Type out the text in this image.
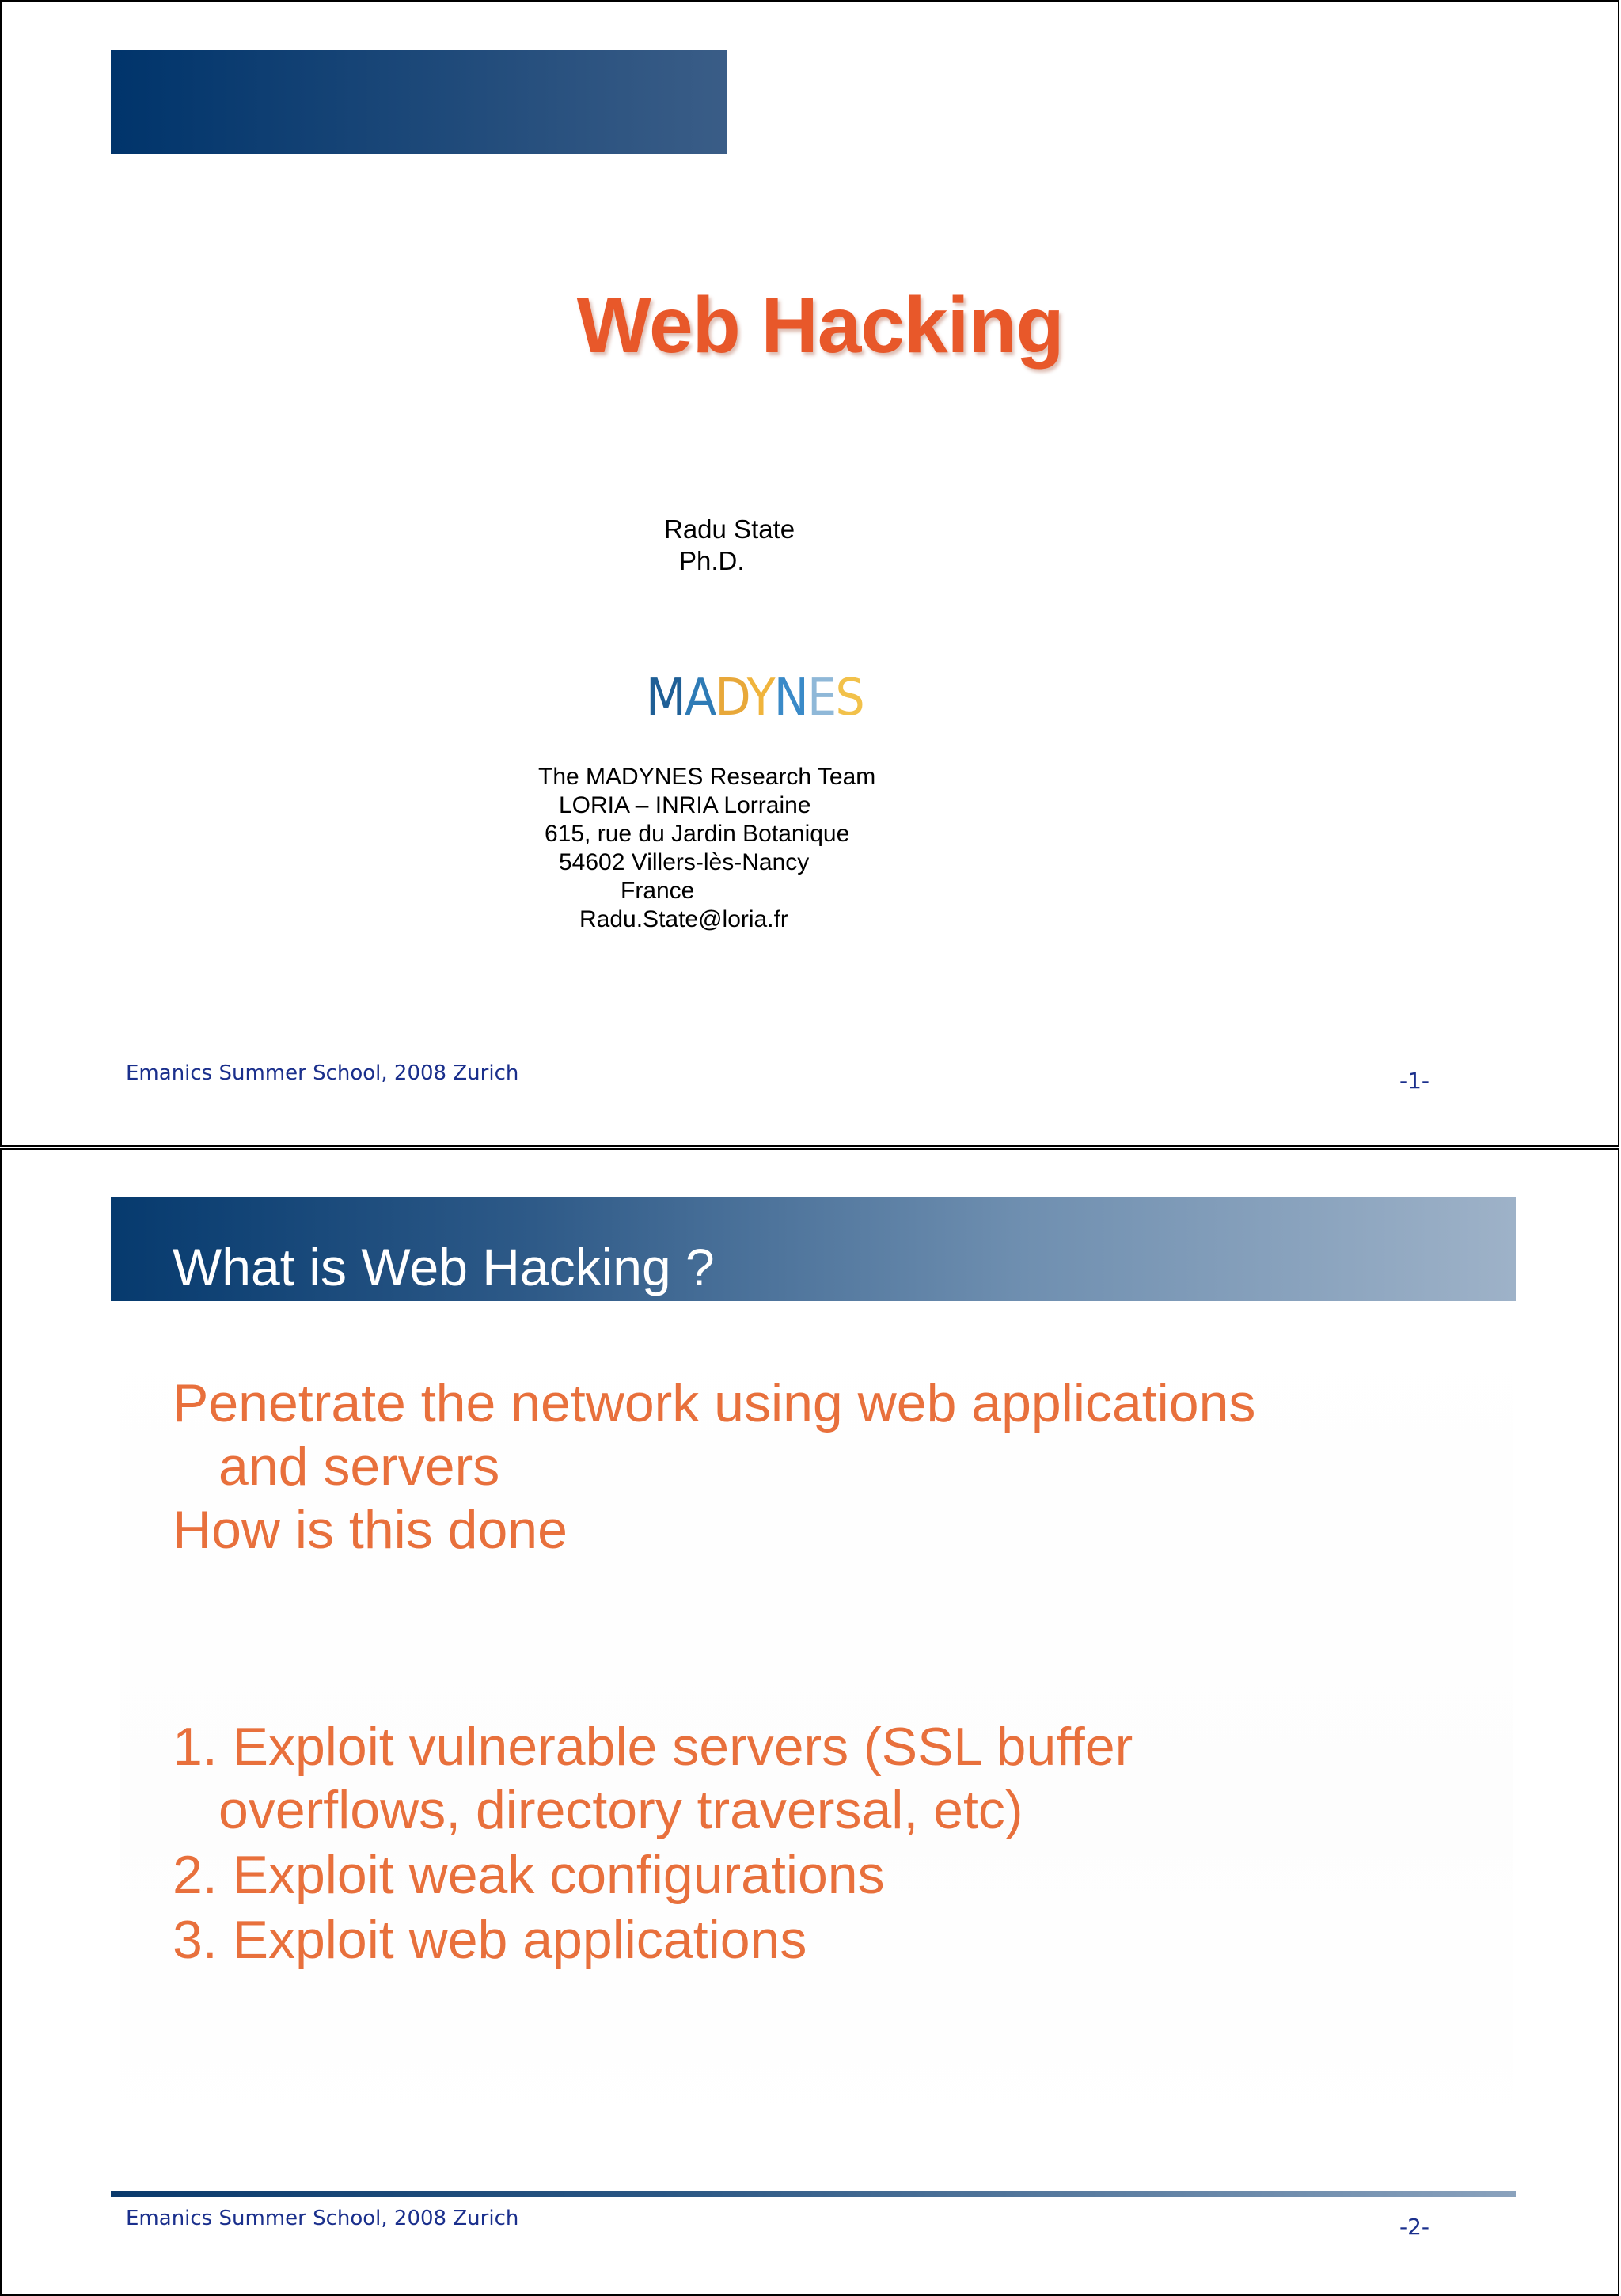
Web Hacking
Radu State
Ph.D.
MADYNES
The MADYNES Research Team
LORIA – INRIA Lorraine
615, rue du Jardin Botanique
54602 Villers-lès-Nancy
France
Radu.State@loria.fr
Emanics Summer School, 2008 Zurich	-1-
What is Web Hacking ?
Penetrate the network using web applications
and servers
How is this done
1. Exploit vulnerable servers (SSL buffer
overflows, directory traversal, etc)
2. Exploit weak configurations
3. Exploit web applications
Emanics Summer School, 2008 Zurich	-2-
